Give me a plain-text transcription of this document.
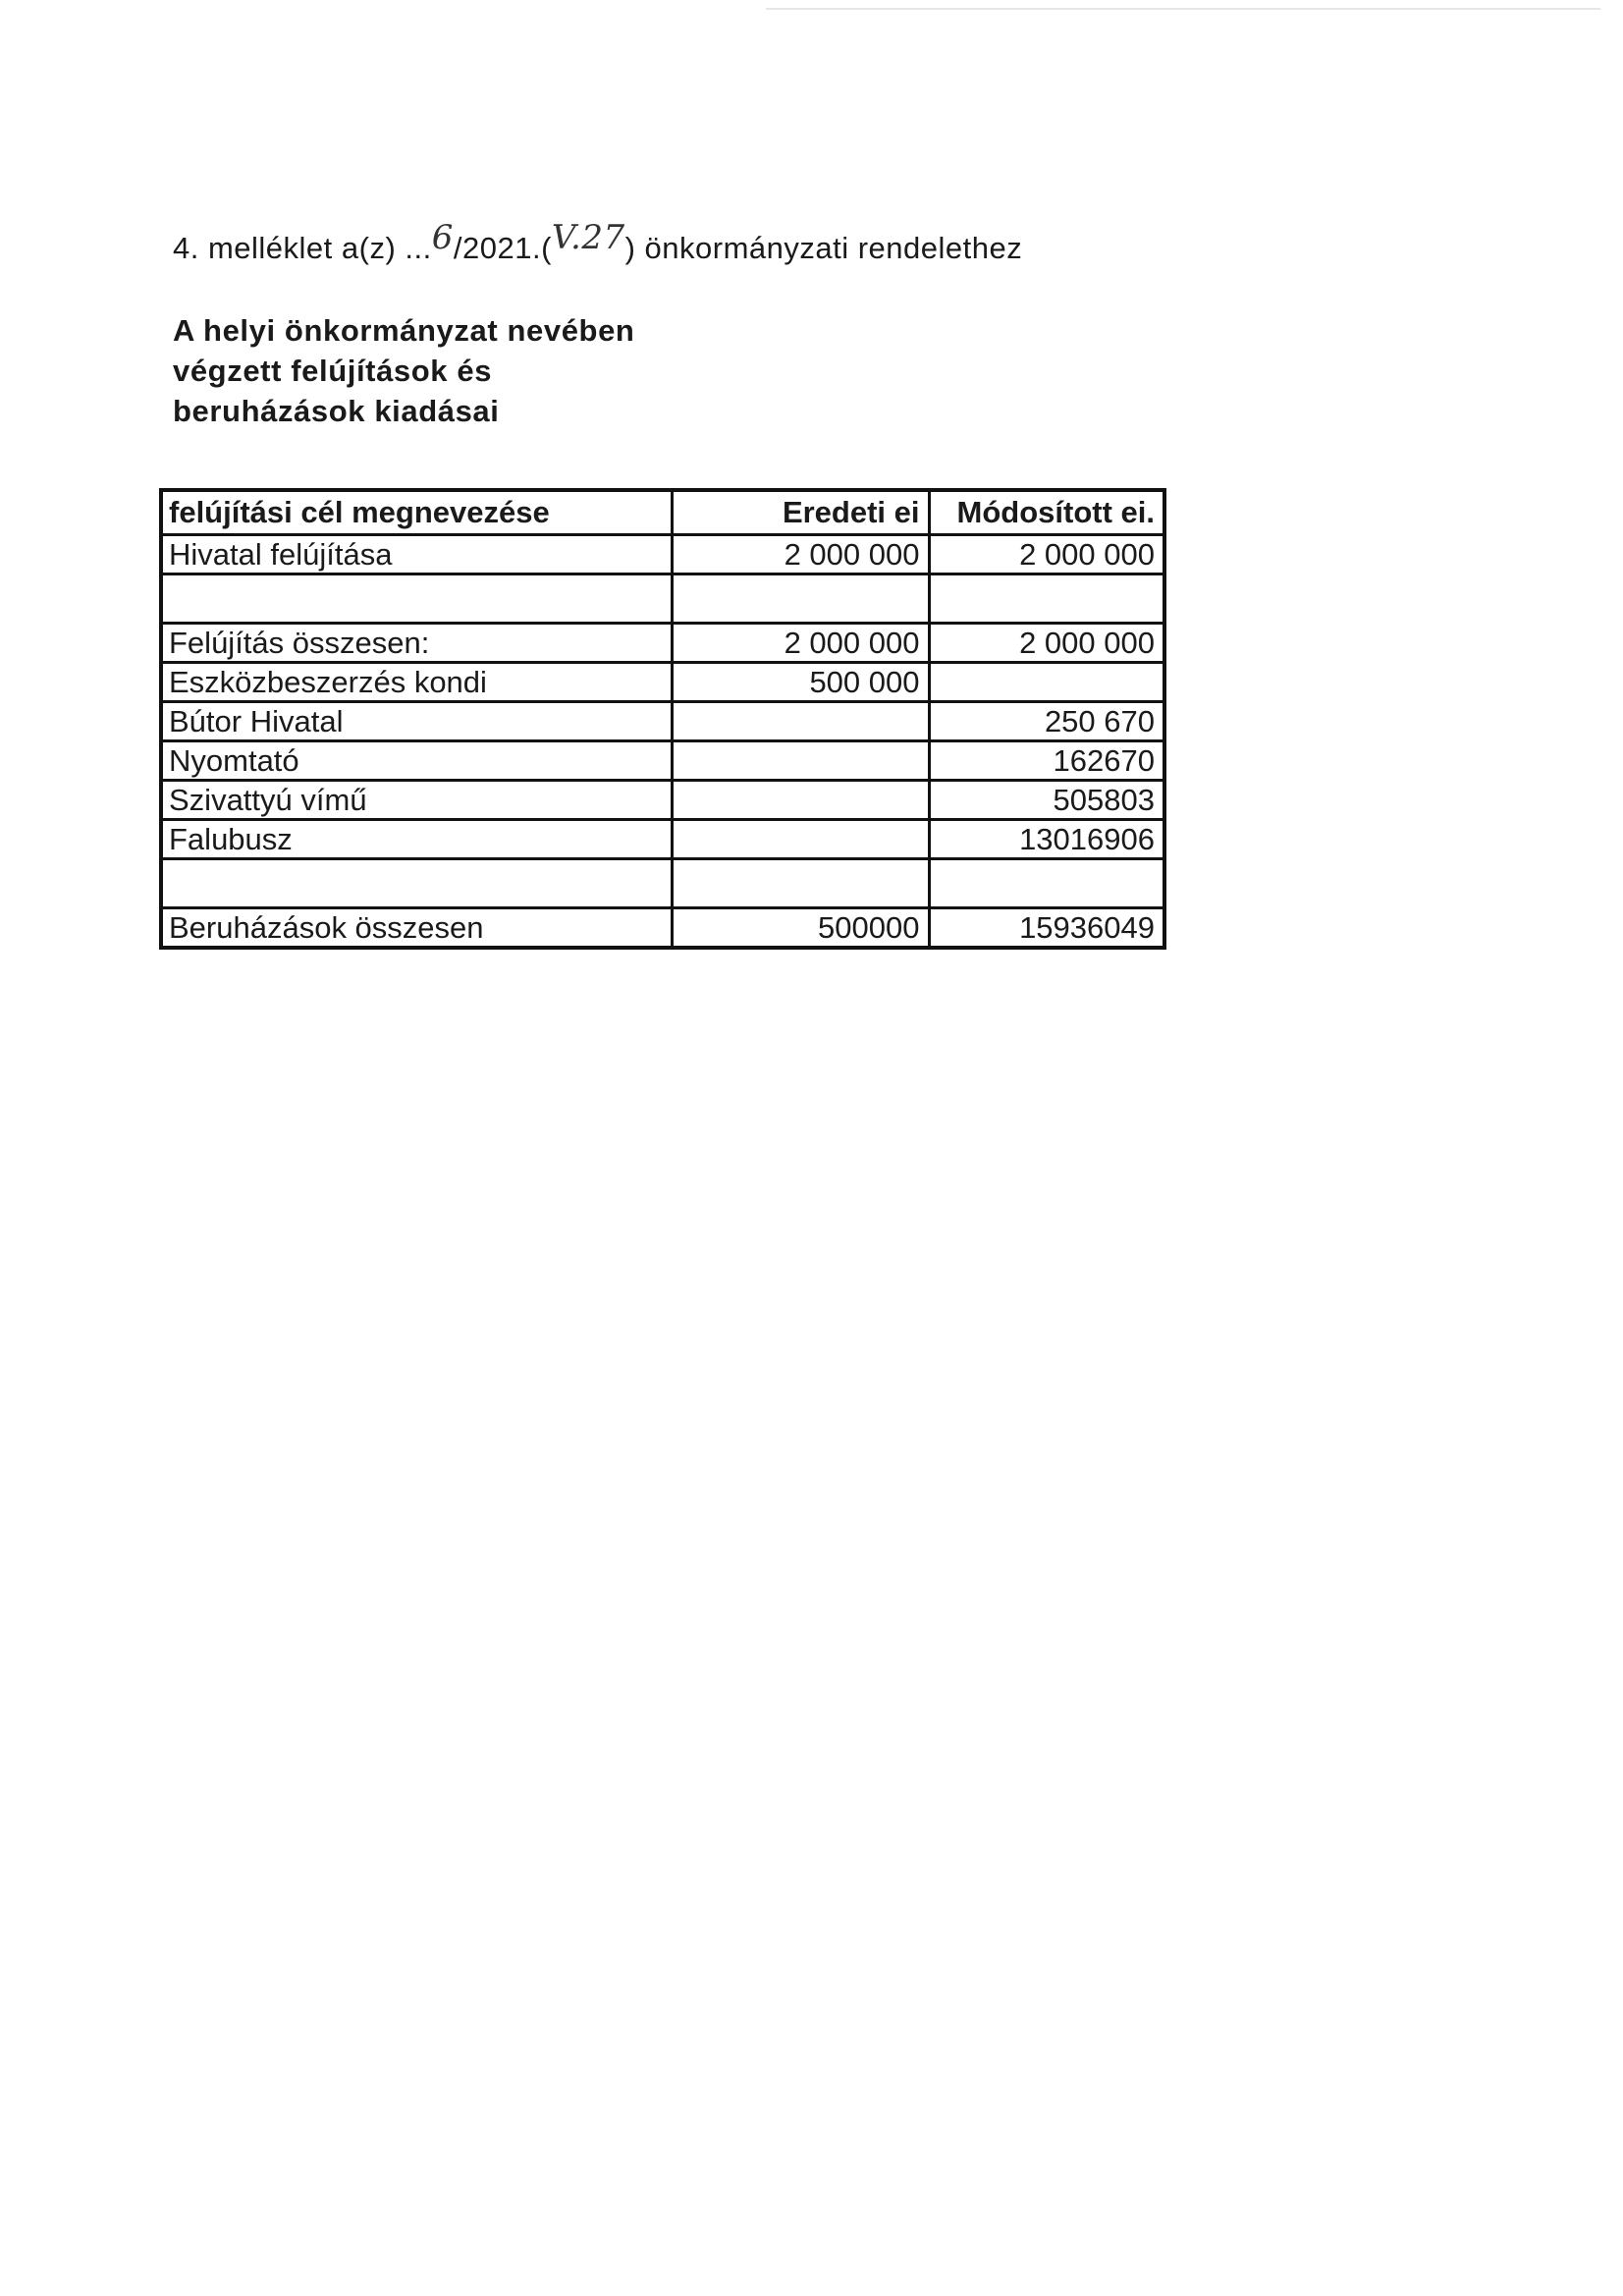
4. melléklet a(z) ...6/2021.(V.27) önkormányzati rendelethez
A helyi önkormányzat nevében
végzett felújítások és
beruházások kiadásai
felújítási cél megnevezése	Eredeti ei	Módosított ei.
Hivatal felújítása	2 000 000	2 000 000

Felújítás összesen:	2 000 000	2 000 000
Eszközbeszerzés kondi	500 000	
Bútor Hivatal		250 670
Nyomtató		162670
Szivattyú vímű		505803
Falubusz		13016906

Beruházások összesen	500000	15936049
